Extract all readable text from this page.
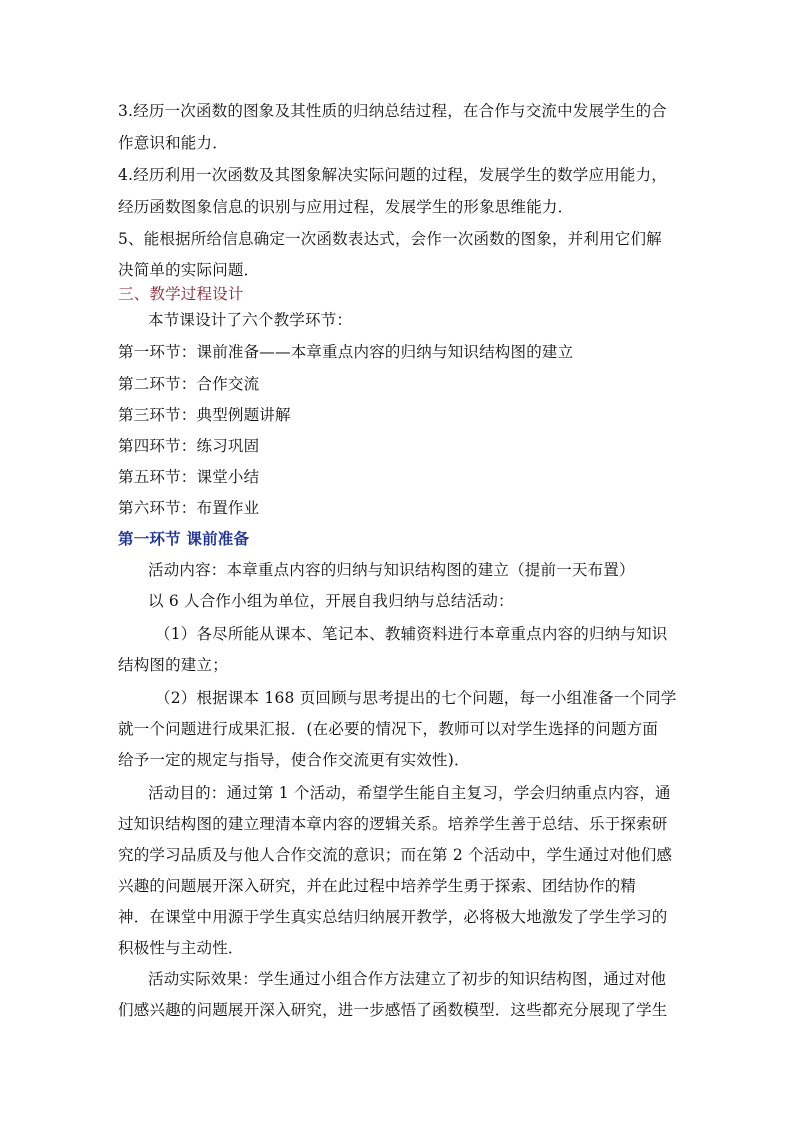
3.经历一次函数的图象及其性质的归纳总结过程，在合作与交流中发展学生的合
作意识和能力．
4.经历利用一次函数及其图象解决实际问题的过程，发展学生的数学应用能力，
经历函数图象信息的识别与应用过程，发展学生的形象思维能力．
5、能根据所给信息确定一次函数表达式，会作一次函数的图象，并利用它们解
决简单的实际问题．
三、教学过程设计
本节课设计了六个教学环节：
第一环节：课前准备——本章重点内容的归纳与知识结构图的建立
第二环节：合作交流
第三环节：典型例题讲解
第四环节：练习巩固
第五环节：课堂小结
第六环节：布置作业
第一环节 课前准备
活动内容：本章重点内容的归纳与知识结构图的建立（提前一天布置）
以 6 人合作小组为单位，开展自我归纳与总结活动：
（1）各尽所能从课本、笔记本、教辅资料进行本章重点内容的归纳与知识
结构图的建立；
（2）根据课本 168 页回顾与思考提出的七个问题，每一小组准备一个同学
就一个问题进行成果汇报．(在必要的情况下，教师可以对学生选择的问题方面
给予一定的规定与指导，使合作交流更有实效性)．
活动目的：通过第 1 个活动，希望学生能自主复习，学会归纳重点内容，通
过知识结构图的建立理清本章内容的逻辑关系。培养学生善于总结、乐于探索研
究的学习品质及与他人合作交流的意识；而在第 2 个活动中，学生通过对他们感
兴趣的问题展开深入研究，并在此过程中培养学生勇于探索、团结协作的精
神．在课堂中用源于学生真实总结归纳展开教学，必将极大地激发了学生学习的
积极性与主动性．
活动实际效果：学生通过小组合作方法建立了初步的知识结构图，通过对他
们感兴趣的问题展开深入研究，进一步感悟了函数模型．这些都充分展现了学生
